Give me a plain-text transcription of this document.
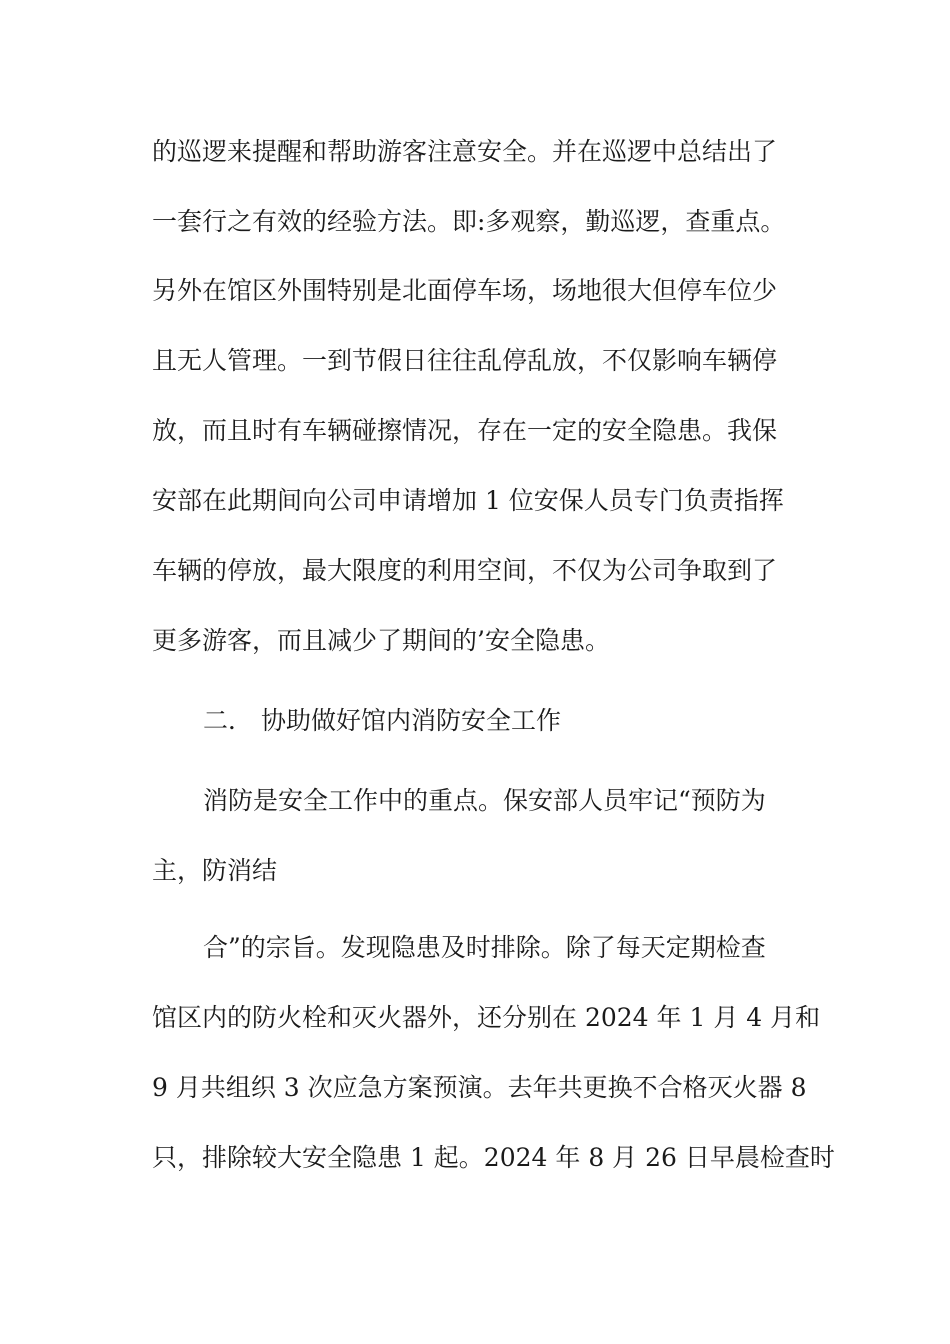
的巡逻来提醒和帮助游客注意安全。并在巡逻中总结出了
一套行之有效的经验方法。即:多观察，勤巡逻，查重点。
另外在馆区外围特别是北面停车场，场地很大但停车位少
且无人管理。一到节假日往往乱停乱放，不仅影响车辆停
放，而且时有车辆碰擦情况，存在一定的安全隐患。我保
安部在此期间向公司申请增加 1 位安保人员专门负责指挥
车辆的停放，最大限度的利用空间，不仅为公司争取到了
更多游客，而且减少了期间的’安全隐患。
二． 协助做好馆内消防安全工作
消防是安全工作中的重点。保安部人员牢记“预防为
主，防消结
合”的宗旨。发现隐患及时排除。除了每天定期检查
馆区内的防火栓和灭火器外，还分别在 2024 年 1 月 4 月和
9 月共组织 3 次应急方案预演。去年共更换不合格灭火器 8
只，排除较大安全隐患 1 起。2024 年 8 月 26 日早晨检查时
